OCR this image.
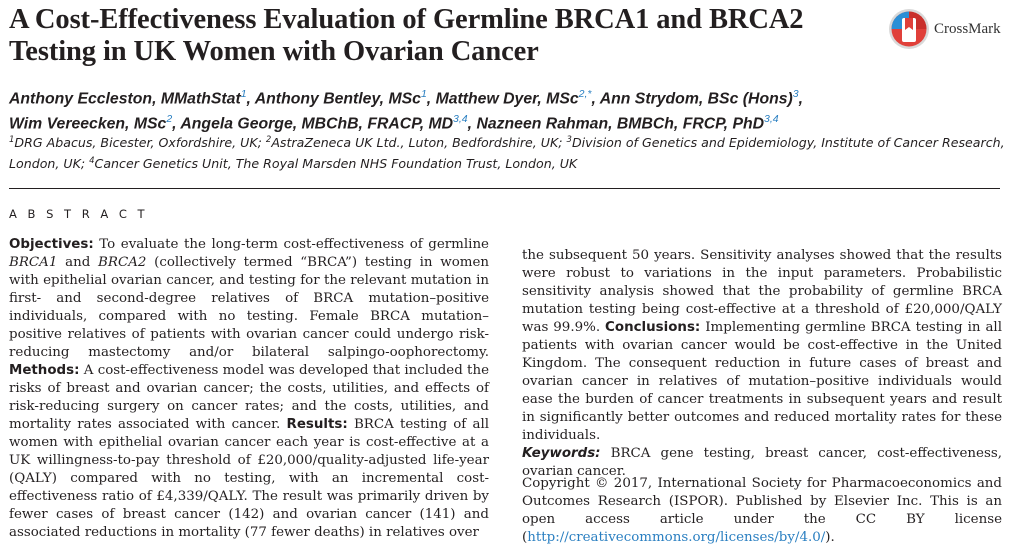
A Cost-Effectiveness Evaluation of Germline BRCA1 and BRCA2 Testing in UK Women with Ovarian Cancer
CrossMark

Anthony Eccleston, MMathStat$^1$, Anthony Bentley, MSc$^1$, Matthew Dyer, MSc$^{2,*}$, Ann Strydom, BSc (Hons)$^3$,
Wim Vereecken, MSc$^2$, Angela George, MBChB, FRACP, MD$^{3,4}$, Nazneen Rahman, BMBCh, FRCP, PhD$^{3,4}$

$^1$DRG Abacus, Bicester, Oxfordshire, UK; $^2$AstraZeneca UK Ltd., Luton, Bedfordshire, UK; $^3$Division of Genetics and Epidemiology, Institute of Cancer Research, London, UK; $^4$Cancer Genetics Unit, The Royal Marsden NHS Foundation Trust, London, UK

A B S T R A C T

Objectives: To evaluate the long-term cost-effectiveness of germline BRCA1 and BRCA2 (collectively termed “BRCA”) testing in women with epithelial ovarian cancer, and testing for the relevant mutation in first- and second-degree relatives of BRCA mutation–positive individuals, compared with no testing. Female BRCA mutation–positive relatives of patients with ovarian cancer could undergo risk-reducing mastectomy and/or bilateral salpingo-oophorectomy. Methods: A cost-effectiveness model was developed that included the risks of breast and ovarian cancer; the costs, utilities, and effects of risk-reducing surgery on cancer rates; and the costs, utilities, and mortality rates associated with cancer. Results: BRCA testing of all women with epithelial ovarian cancer each year is cost-effective at a UK willingness-to-pay threshold of £20,000/quality-adjusted life-year (QALY) compared with no testing, with an incremental cost-effectiveness ratio of £4,339/QALY. The result was primarily driven by fewer cases of breast cancer (142) and ovarian cancer (141) and associated reductions in mortality (77 fewer deaths) in relatives over

the subsequent 50 years. Sensitivity analyses showed that the results were robust to variations in the input parameters. Probabilistic sensitivity analysis showed that the probability of germline BRCA mutation testing being cost-effective at a threshold of £20,000/QALY was 99.9%. Conclusions: Implementing germline BRCA testing in all patients with ovarian cancer would be cost-effective in the United Kingdom. The consequent reduction in future cases of breast and ovarian cancer in relatives of mutation–positive individuals would ease the burden of cancer treatments in subsequent years and result in significantly better outcomes and reduced mortality rates for these individuals.
Keywords: BRCA gene testing, breast cancer, cost-effectiveness, ovarian cancer.

Copyright © 2017, International Society for Pharmacoeconomics and Outcomes Research (ISPOR). Published by Elsevier Inc. This is an open access article under the CC BY license (http://creativecommons.org/licenses/by/4.0/).
